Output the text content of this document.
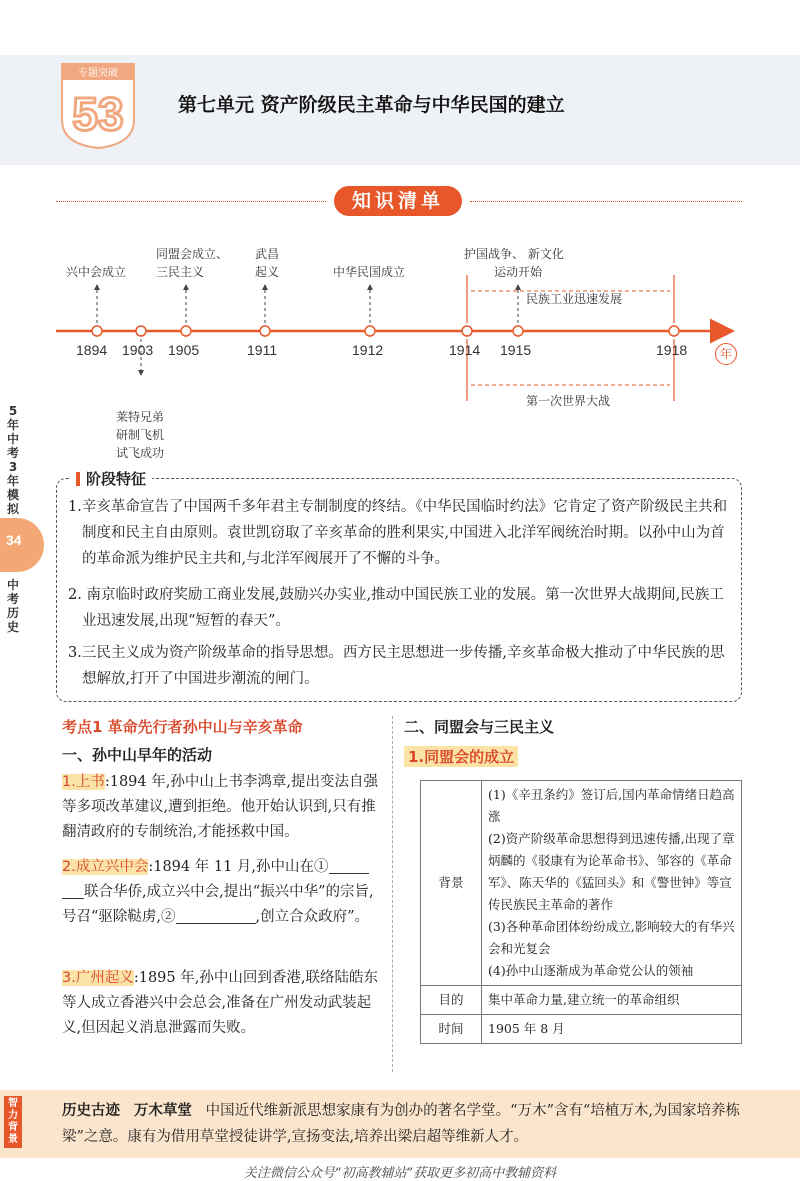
专题突破
53	第七单元 资产阶级民主革命与中华民国的建立
知识清单
兴中会成立
同盟会成立、
三民主义
武昌
起义	中华民国成立
护国战争、 新文化
运动开始
民族工业迅速发展
1894 1903 1905	1911	1912	1914 1915	1918	年
莱特兄弟
研制飞机
试飞成功
第一次世界大战
5年中考3年模拟
34
中考历史
阶段特征
1.辛亥革命宣告了中国两千多年君主专制制度的终结。《中华民国临时约法》它肯定了资产阶级民主共和制度和民主自由原则。袁世凯窃取了辛亥革命的胜利果实,中国进入北洋军阀统治时期。以孙中山为首的革命派为维护民主共和,与北洋军阀展开了不懈的斗争。
2. 南京临时政府奖励工商业发展,鼓励兴办实业,推动中国民族工业的发展。第一次世界大战期间,民族工业迅速发展,出现“短暂的春天”。
3.三民主义成为资产阶级革命的指导思想。西方民主思想进一步传播,辛亥革命极大推动了中华民族的思想解放,打开了中国进步潮流的闸门。
考点1 革命先行者孙中山与辛亥革命
一、孙中山早年的活动
1.上书:1894 年,孙中山上书李鸿章,提出变法自强等多项改革建议,遭到拒绝。他开始认识到,只有推翻清政府的专制统治,才能拯救中国。
2.成立兴中会:1894 年 11 月,孙中山在①联合华侨,成立兴中会,提出“振兴中华”的宗旨,号召“驱除鞑虏,②	,创立合众政府”。
3.广州起义:1895 年,孙中山回到香港,联络陆皓东等人成立香港兴中会总会,准备在广州发动武装起义,但因起义消息泄露而失败。
二、同盟会与三民主义
1.同盟会的成立
背景	(1)《辛丑条约》签订后,国内革命情绪日趋高涨
	(2)资产阶级革命思想得到迅速传播,出现了章炳麟的《驳康有为论革命书》、邹容的《革命军》、陈天华的《猛回头》和《警世钟》等宣传民族民主革命的著作
	(3)各种革命团体纷纷成立,影响较大的有华兴会和光复会
	(4)孙中山逐渐成为革命党公认的领袖
目的	集中革命力量,建立统一的革命组织
时间	1905 年 8 月
智力背景
历史古迹 万木草堂 中国近代维新派思想家康有为创办的著名学堂。“万木”含有“培植万木,为国家培养栋梁”之意。康有为借用草堂授徒讲学,宣扬变法,培养出梁启超等维新人才。
关注微信公众号“初高教辅站”获取更多初高中教辅资料
